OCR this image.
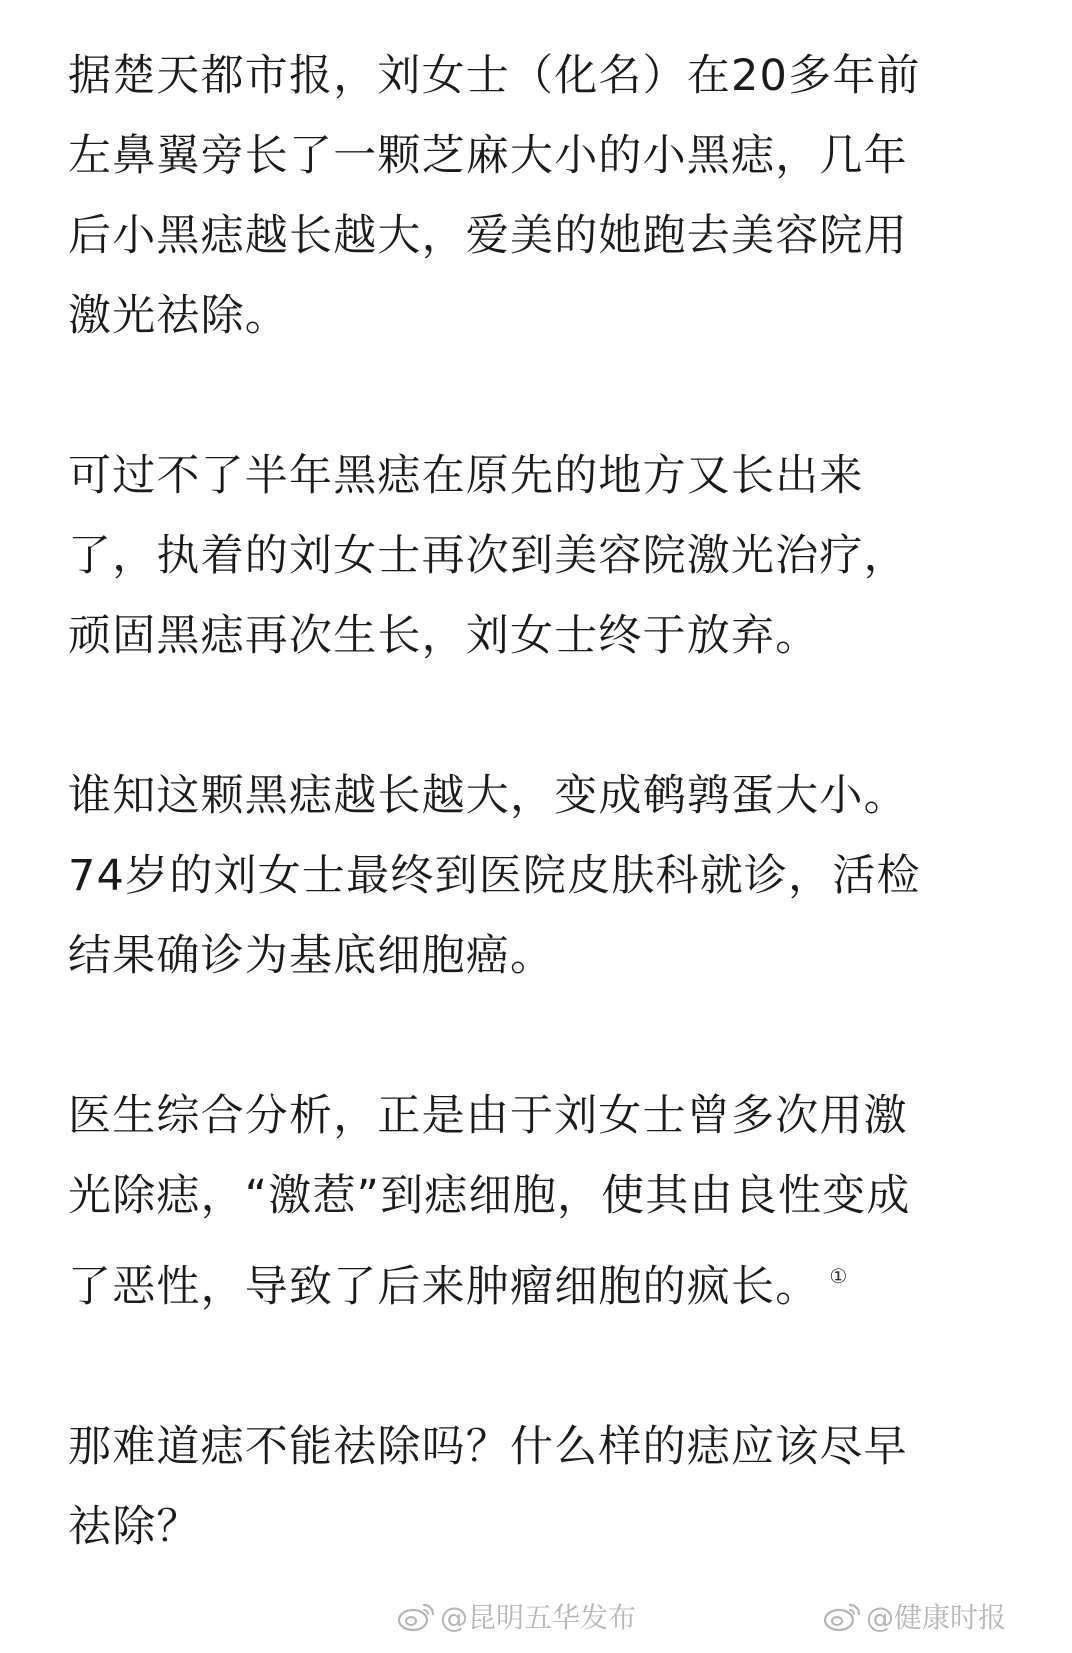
据楚天都市报，刘女士（化名）在20多年前
左鼻翼旁长了一颗芝麻大小的小黑痣，几年
后小黑痣越长越大，爱美的她跑去美容院用
激光祛除。

可过不了半年黑痣在原先的地方又长出来
了，执着的刘女士再次到美容院激光治疗，
顽固黑痣再次生长，刘女士终于放弃。

谁知这颗黑痣越长越大，变成鹌鹑蛋大小。
74岁的刘女士最终到医院皮肤科就诊，活检
结果确诊为基底细胞癌。

医生综合分析，正是由于刘女士曾多次用激
光除痣，“激惹”到痣细胞，使其由良性变成
了恶性，导致了后来肿瘤细胞的疯长。 ①

那难道痣不能祛除吗？什么样的痣应该尽早
祛除？

@昆明五华发布	@健康时报
